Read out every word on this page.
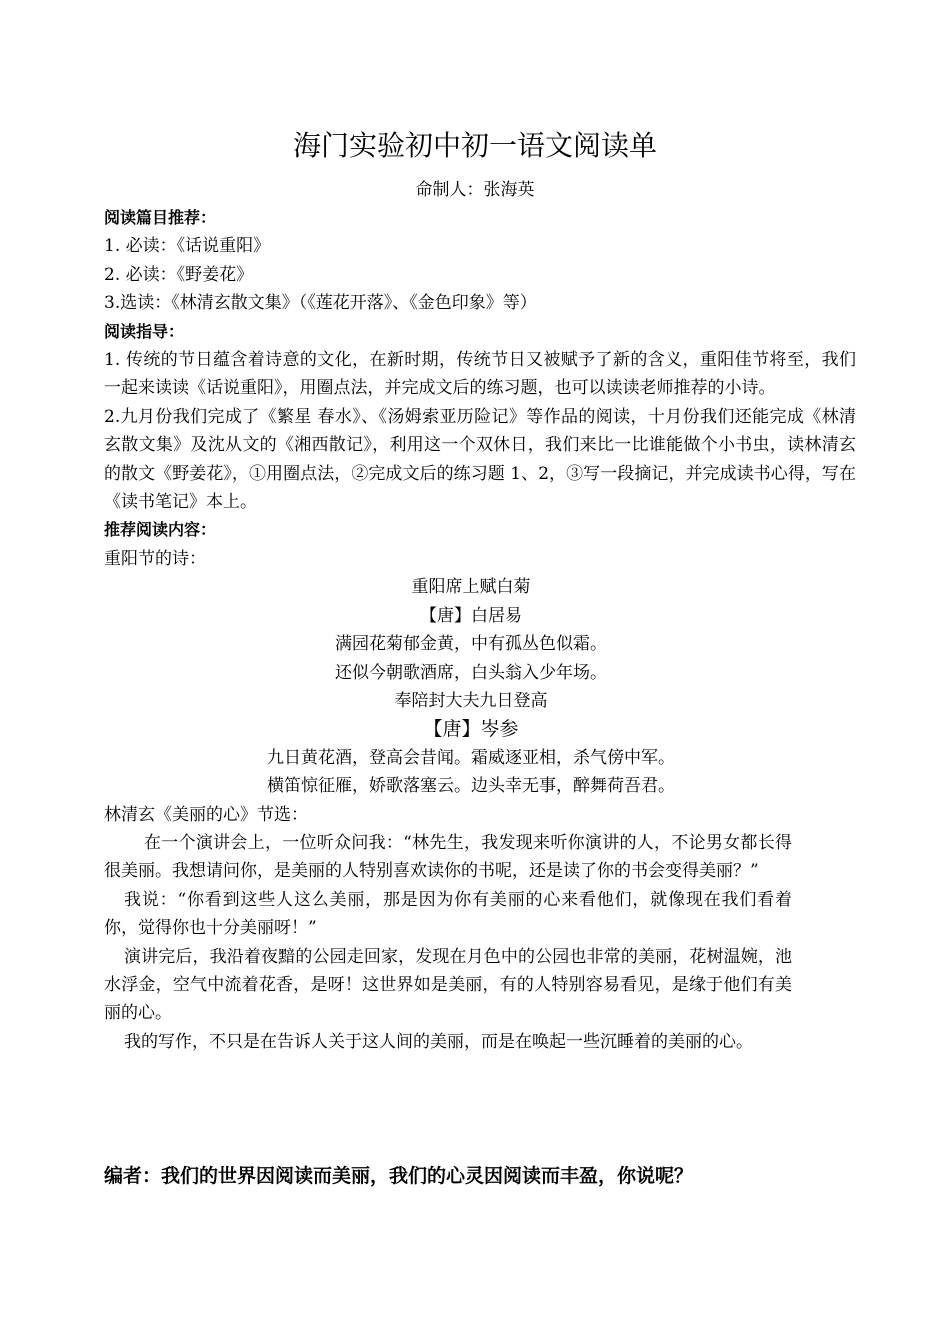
海门实验初中初一语文阅读单
命制人：张海英

阅读篇目推荐：

1. 必读：《话说重阳》

2. 必读：《野姜花》

3.选读：《林清玄散文集》（《莲花开落》、《金色印象》等）

阅读指导：

1. 传统的节日蕴含着诗意的文化，在新时期，传统节日又被赋予了新的含义，重阳佳节将至，我们一起来读读《话说重阳》，用圈点法，并完成文后的练习题，也可以读读老师推荐的小诗。

2.九月份我们完成了《繁星 春水》、《汤姆索亚历险记》等作品的阅读，十月份我们还能完成《林清玄散文集》及沈从文的《湘西散记》，利用这一个双休日，我们来比一比谁能做个小书虫，读林清玄的散文《野姜花》，①用圈点法，②完成文后的练习题 1、2，③写一段摘记，并完成读书心得，写在《读书笔记》本上。

推荐阅读内容：

重阳节的诗：

重阳席上赋白菊

【唐】白居易

满园花菊郁金黄，中有孤丛色似霜。

还似今朝歌酒席，白头翁入少年场。

奉陪封大夫九日登高

【唐】岑参

九日黄花酒，登高会昔闻。霜威逐亚相，杀气傍中军。

横笛惊征雁，娇歌落塞云。边头幸无事，醉舞荷吾君。

林清玄《美丽的心》节选：

在一个演讲会上，一位听众问我：“林先生，我发现来听你演讲的人，不论男女都长得很美丽。我想请问你，是美丽的人特别喜欢读你的书呢，还是读了你的书会变得美丽？”

我说：“你看到这些人这么美丽，那是因为你有美丽的心来看他们，就像现在我们看着你，觉得你也十分美丽呀！”

演讲完后，我沿着夜黯的公园走回家，发现在月色中的公园也非常的美丽，花树温婉，池水浮金，空气中流着花香，是呀！这世界如是美丽，有的人特别容易看见，是缘于他们有美丽的心。

我的写作，不只是在告诉人关于这人间的美丽，而是在唤起一些沉睡着的美丽的心。

编者：我们的世界因阅读而美丽，我们的心灵因阅读而丰盈，你说呢？
